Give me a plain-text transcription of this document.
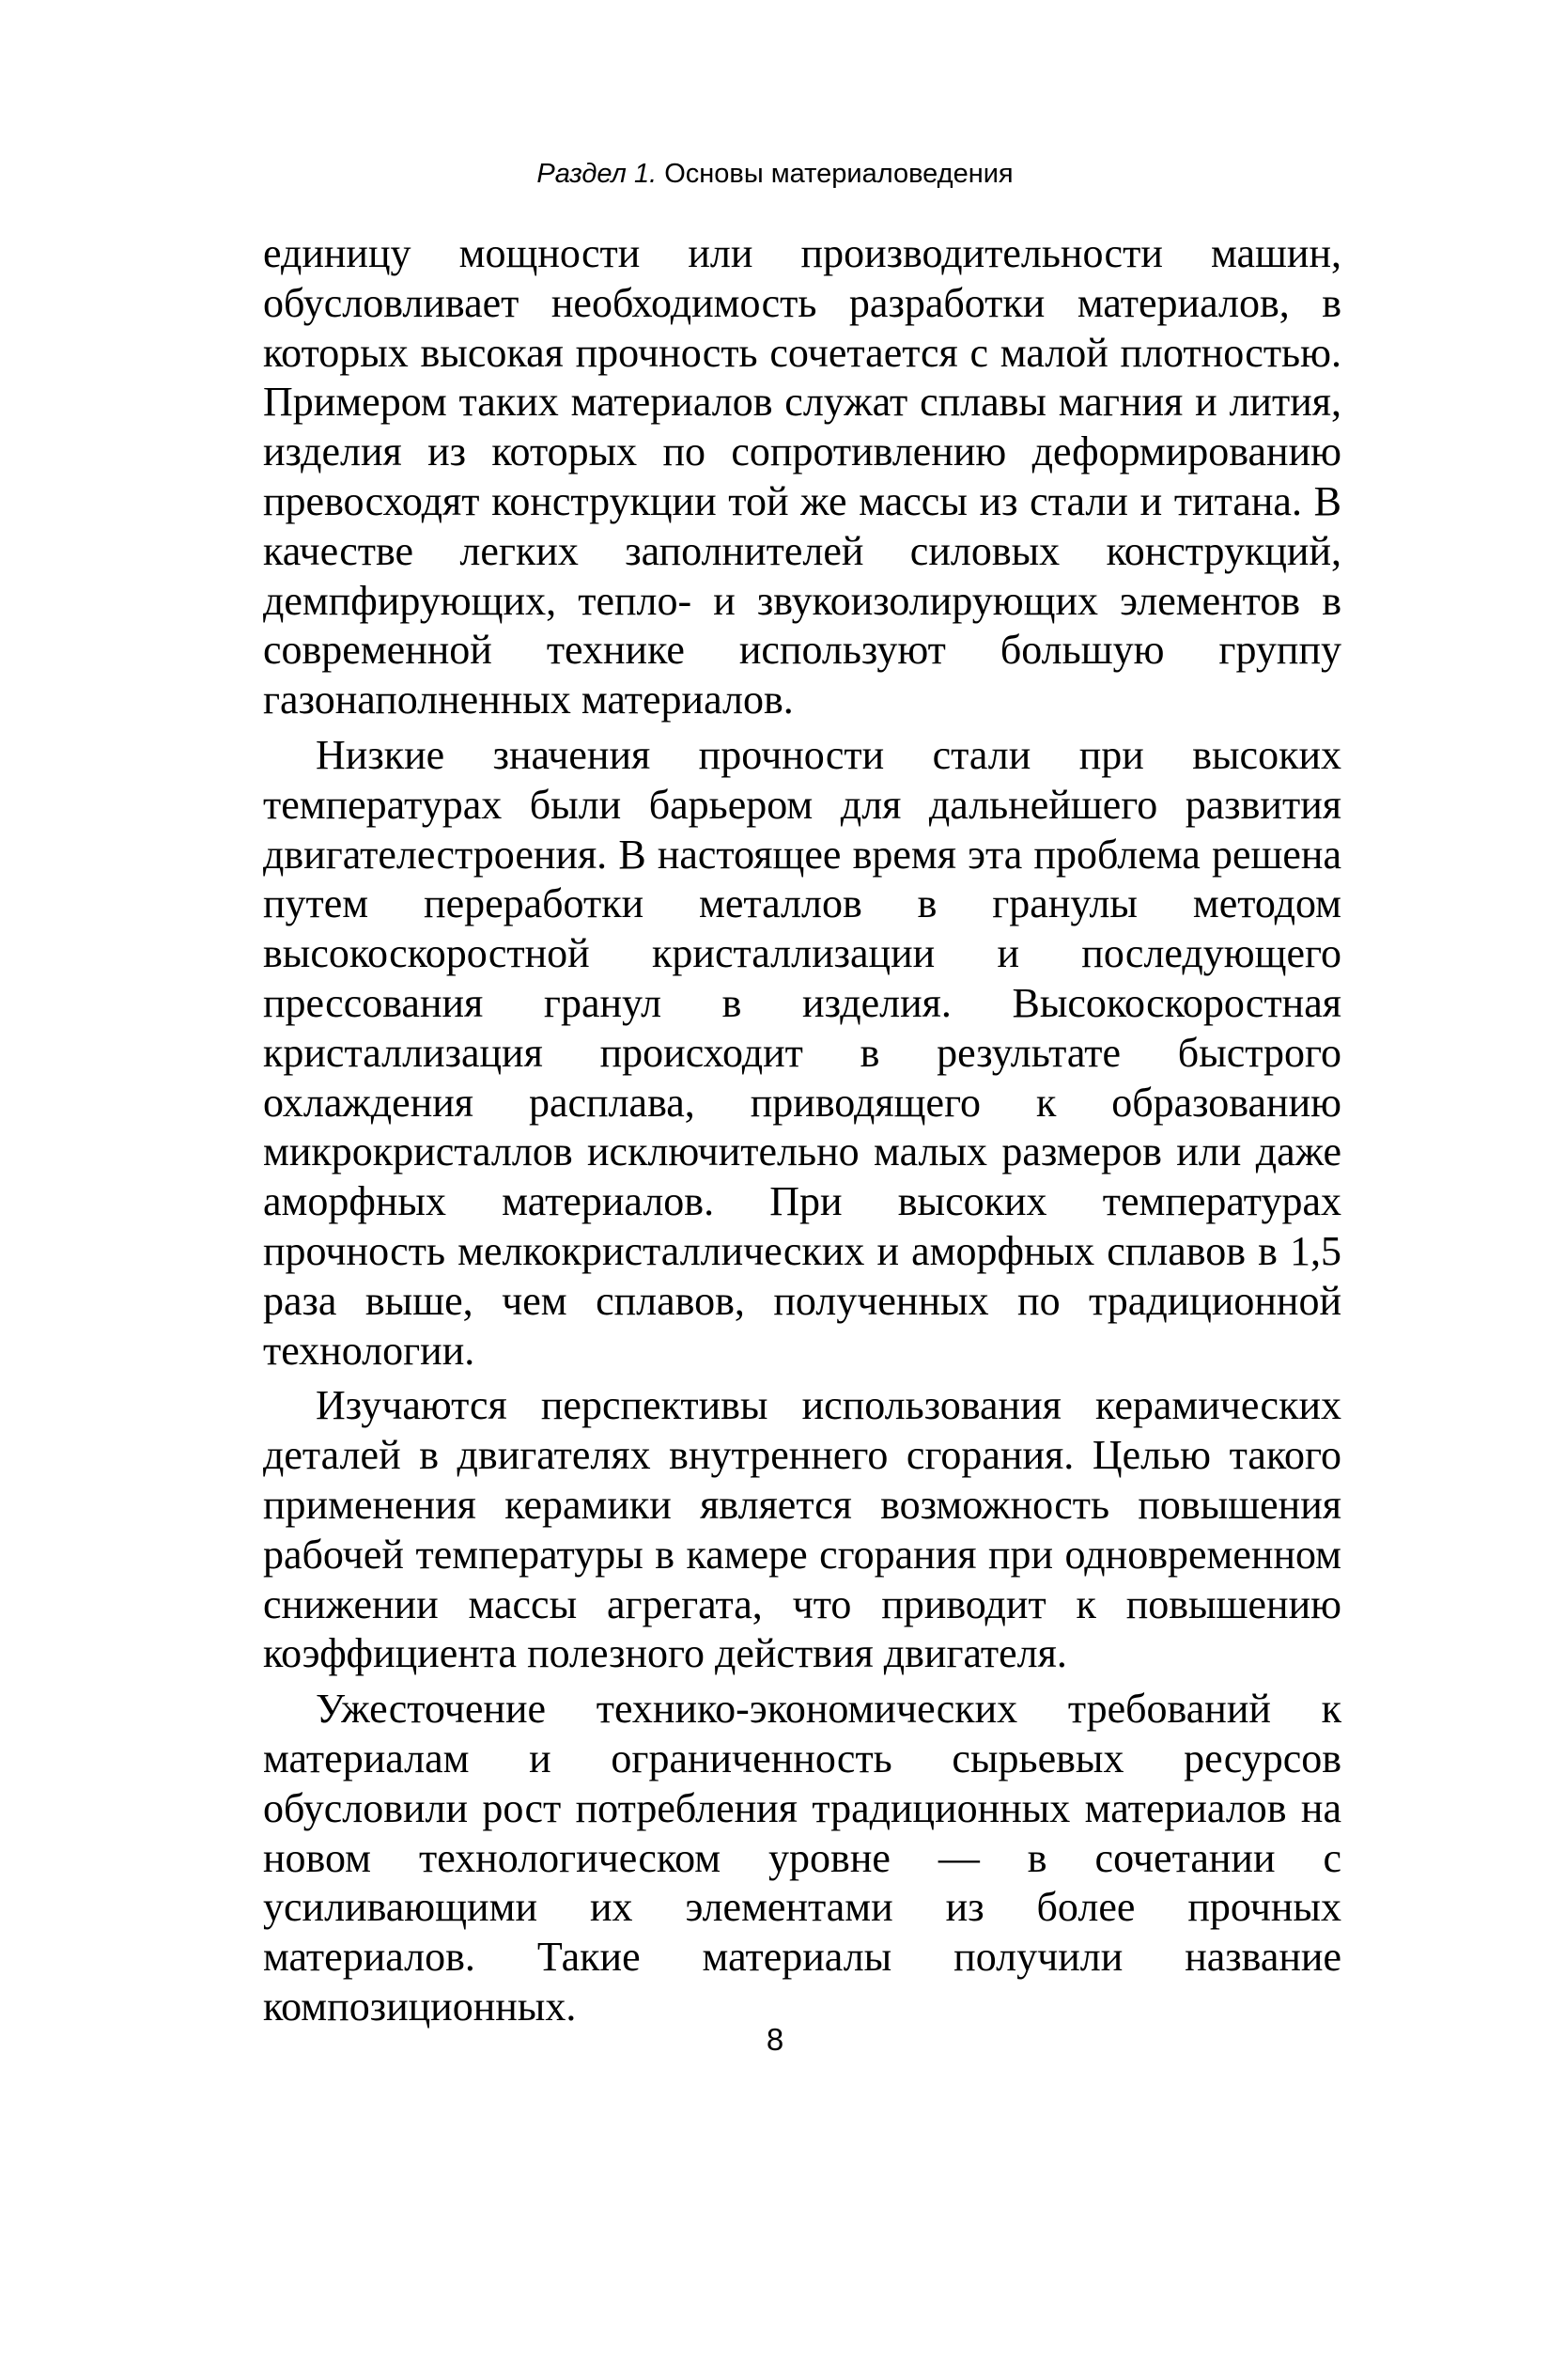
Раздел 1. Основы материаловедения

единицу мощности или производительности машин, обусловливает необходимость разработки материалов, в которых высокая прочность сочетается с малой плотностью. Примером таких материалов служат сплавы магния и лития, изделия из которых по сопротивлению деформированию превосходят конструкции той же массы из стали и титана. В качестве легких заполнителей силовых конструкций, демпфирующих, тепло- и звукоизолирующих элементов в современной технике используют большую группу газонаполненных материалов.

Низкие значения прочности стали при высоких температурах были барьером для дальнейшего развития двигателестроения. В настоящее время эта проблема решена путем переработки металлов в гранулы методом высокоскоростной кристаллизации и последующего прессования гранул в изделия. Высокоскоростная кристаллизация происходит в результате быстрого охлаждения расплава, приводящего к образованию микрокристаллов исключительно малых размеров или даже аморфных материалов. При высоких температурах прочность мелкокристаллических и аморфных сплавов в 1,5 раза выше, чем сплавов, полученных по традиционной технологии.

Изучаются перспективы использования керамических деталей в двигателях внутреннего сгорания. Целью такого применения керамики является возможность повышения рабочей температуры в камере сгорания при одновременном снижении массы агрегата, что приводит к повышению коэффициента полезного действия двигателя.

Ужесточение технико-экономических требований к материалам и ограниченность сырьевых ресурсов обусловили рост потребления традиционных материалов на новом технологическом уровне — в сочетании с усиливающими их элементами из более прочных материалов. Такие материалы получили название композиционных.

8
